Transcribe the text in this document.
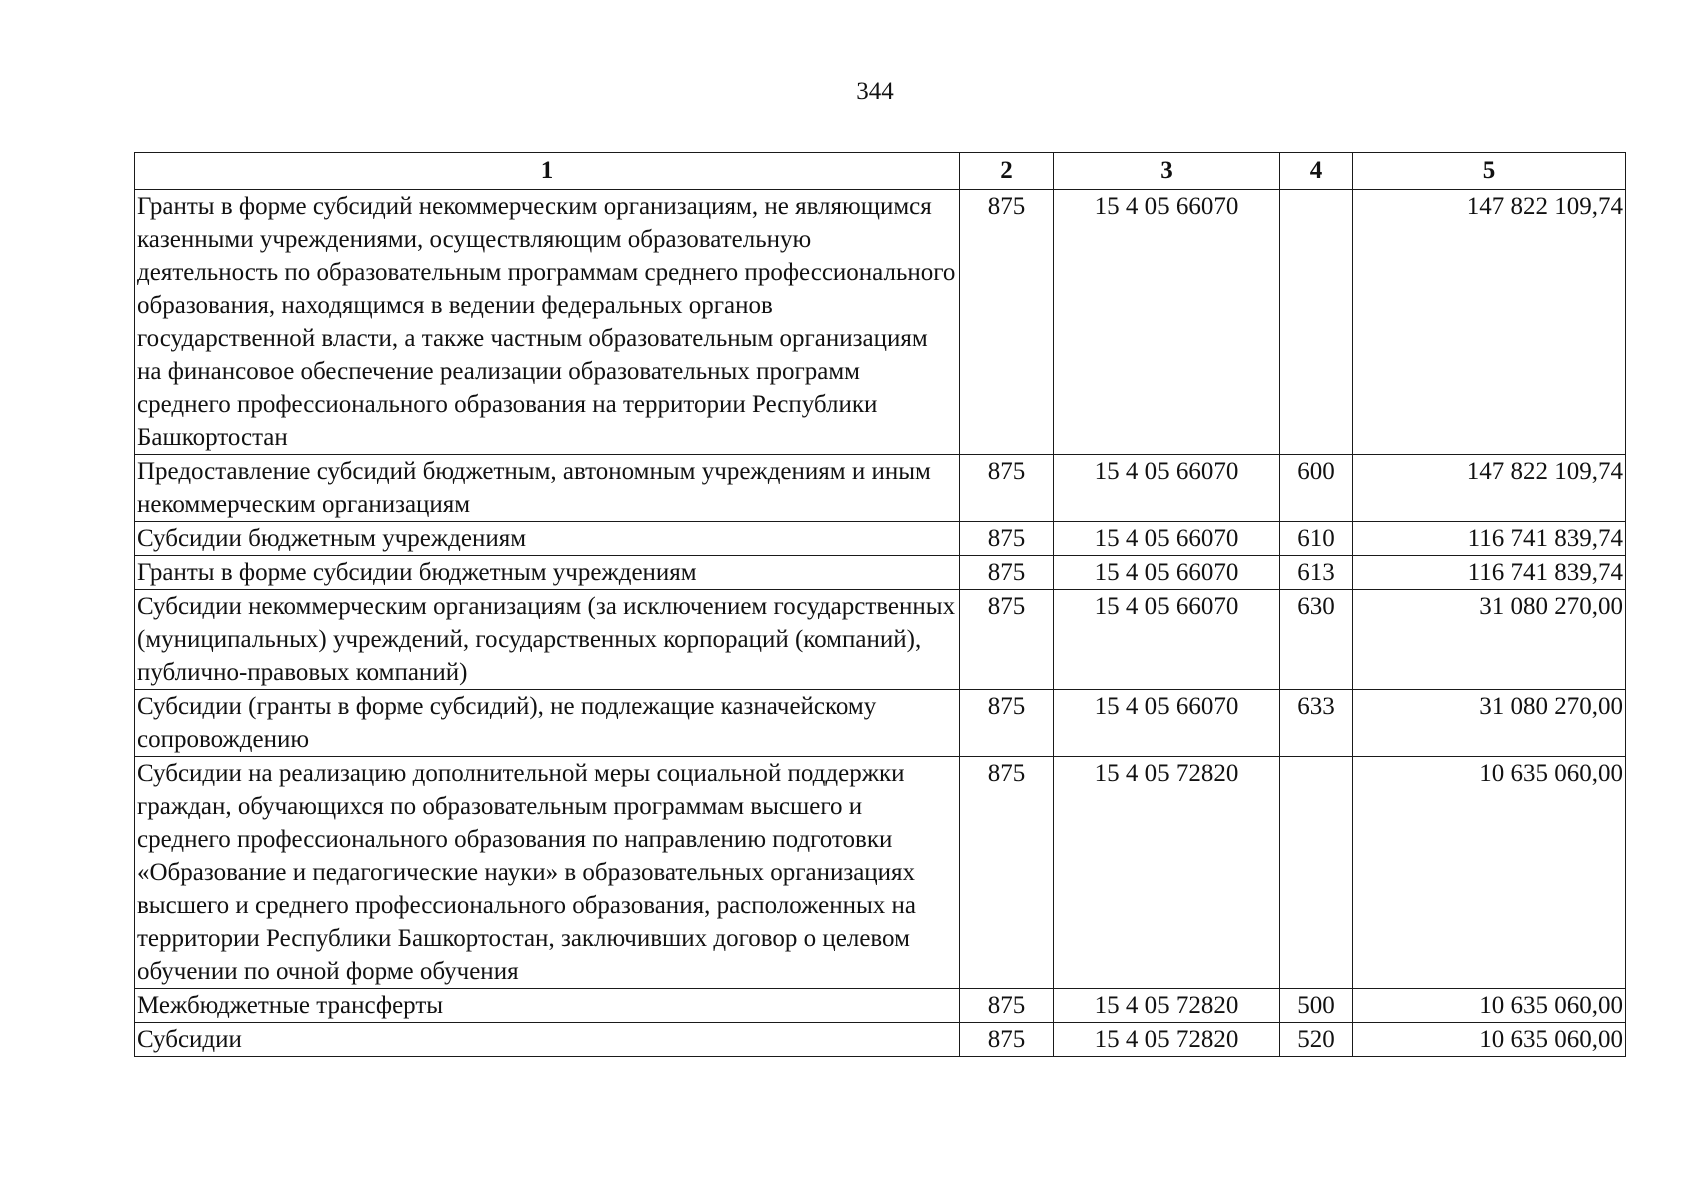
344
1	2	3	4	5
Гранты в форме субсидий некоммерческим организациям, не являющимся казенными учреждениями, осуществляющим образовательную деятельность по образовательным программам среднего профессионального образования, находящимся в ведении федеральных органов государственной власти, а также частным образовательным организациям на финансовое обеспечение реализации образовательных программ среднего профессионального образования на территории Республики Башкортостан	875	15 4 05 66070		147 822 109,74
Предоставление субсидий бюджетным, автономным учреждениям и иным некоммерческим организациям	875	15 4 05 66070	600	147 822 109,74
Субсидии бюджетным учреждениям	875	15 4 05 66070	610	116 741 839,74
Гранты в форме субсидии бюджетным учреждениям	875	15 4 05 66070	613	116 741 839,74
Субсидии некоммерческим организациям (за исключением государственных (муниципальных) учреждений, государственных корпораций (компаний), публично-правовых компаний)	875	15 4 05 66070	630	31 080 270,00
Субсидии (гранты в форме субсидий), не подлежащие казначейскому сопровождению	875	15 4 05 66070	633	31 080 270,00
Субсидии на реализацию дополнительной меры социальной поддержки граждан, обучающихся по образовательным программам высшего и среднего профессионального образования по направлению подготовки «Образование и педагогические науки» в образовательных организациях высшего и среднего профессионального образования, расположенных на территории Республики Башкортостан, заключивших договор о целевом обучении по очной форме обучения	875	15 4 05 72820		10 635 060,00
Межбюджетные трансферты	875	15 4 05 72820	500	10 635 060,00
Субсидии	875	15 4 05 72820	520	10 635 060,00
